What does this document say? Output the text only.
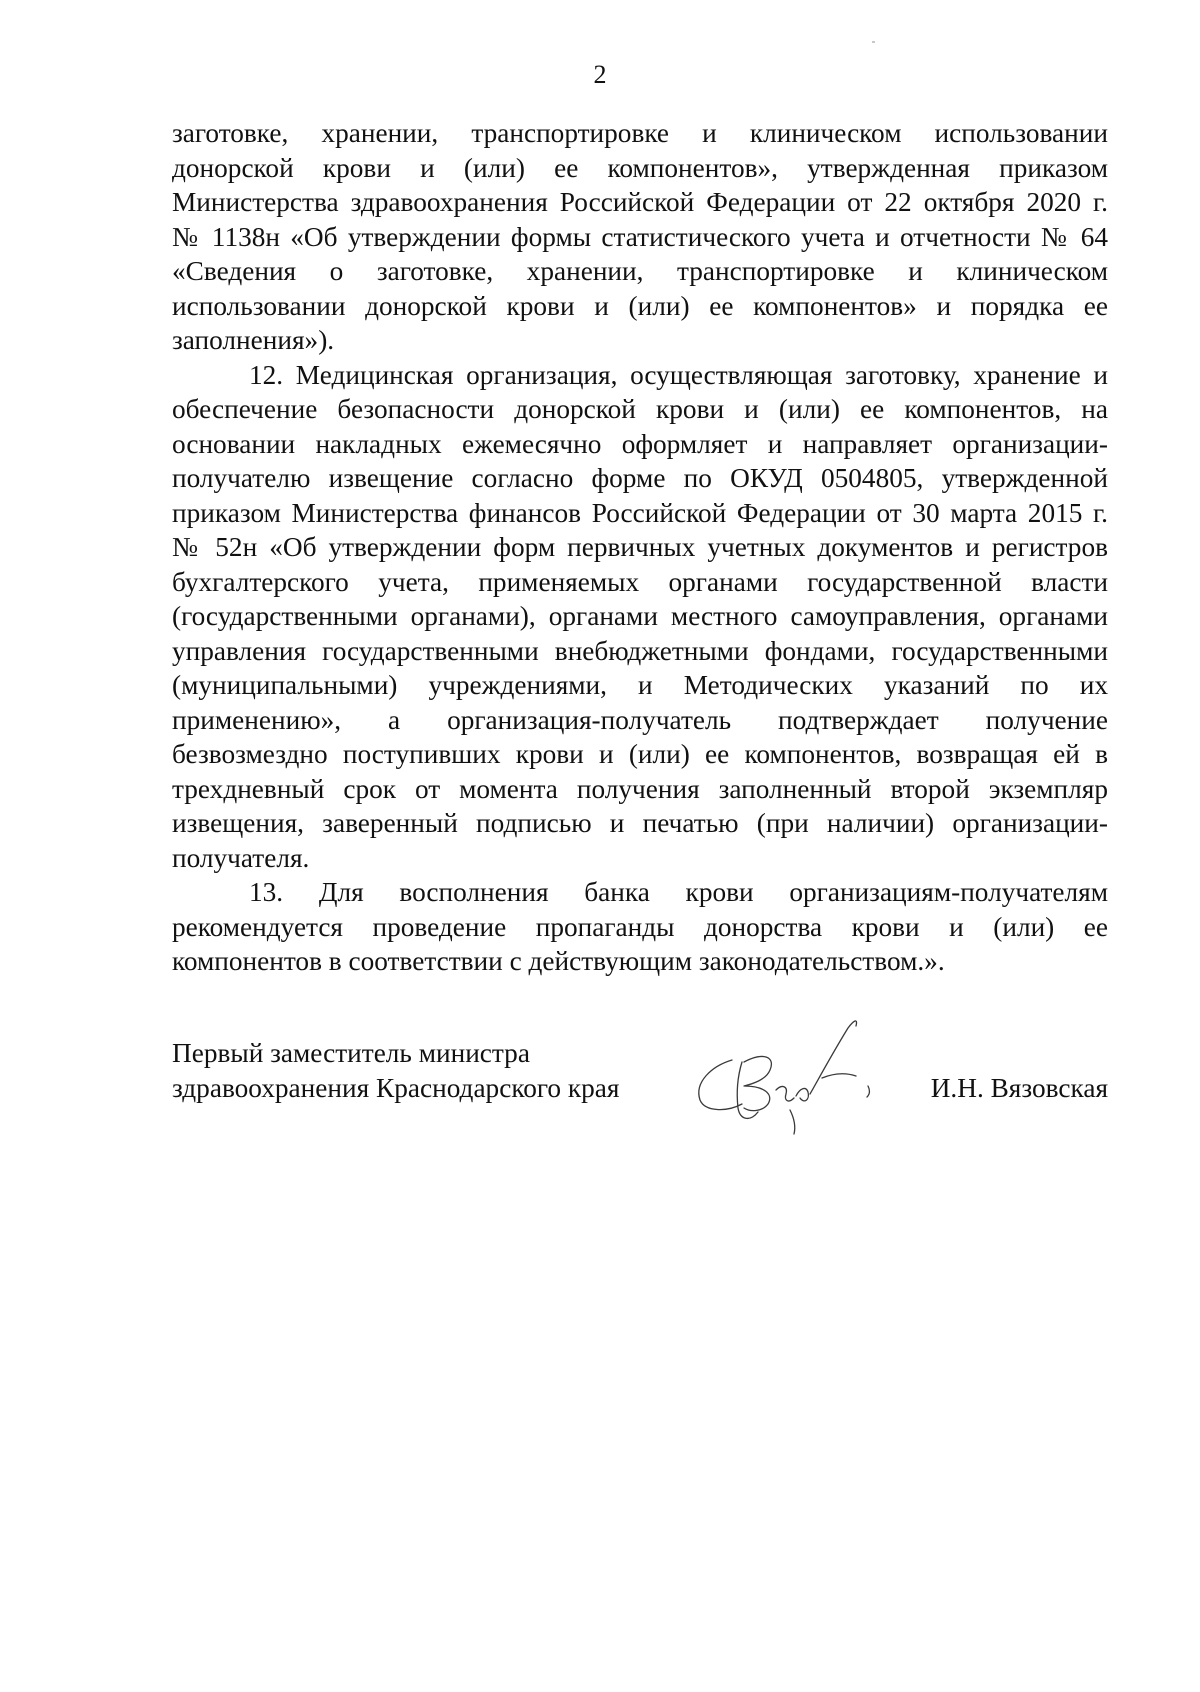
2
заготовке, хранении, транспортировке и клиническом использовании
донорской крови и (или) ее компонентов», утвержденная приказом
Министерства здравоохранения Российской Федерации от 22 октября 2020 г.
№ 1138н «Об утверждении формы статистического учета и отчетности № 64
«Сведения о заготовке, хранении, транспортировке и клиническом
использовании донорской крови и (или) ее компонентов» и порядка ее
заполнения»).
12. Медицинская организация, осуществляющая заготовку, хранение и
обеспечение безопасности донорской крови и (или) ее компонентов, на
основании накладных ежемесячно оформляет и направляет организации-
получателю извещение согласно форме по ОКУД 0504805, утвержденной
приказом Министерства финансов Российской Федерации от 30 марта 2015 г.
№ 52н «Об утверждении форм первичных учетных документов и регистров
бухгалтерского учета, применяемых органами государственной власти
(государственными органами), органами местного самоуправления, органами
управления государственными внебюджетными фондами, государственными
(муниципальными) учреждениями, и Методических указаний по их
применению», а организация-получатель подтверждает получение
безвозмездно поступивших крови и (или) ее компонентов, возвращая ей в
трехдневный срок от момента получения заполненный второй экземпляр
извещения, заверенный подписью и печатью (при наличии) организации-
получателя.
13. Для восполнения банка крови организациям-получателям
рекомендуется проведение пропаганды донорства крови и (или) ее
компонентов в соответствии с действующим законодательством.».
Первый заместитель министра
здравоохранения Краснодарского края	И.Н. Вязовская
